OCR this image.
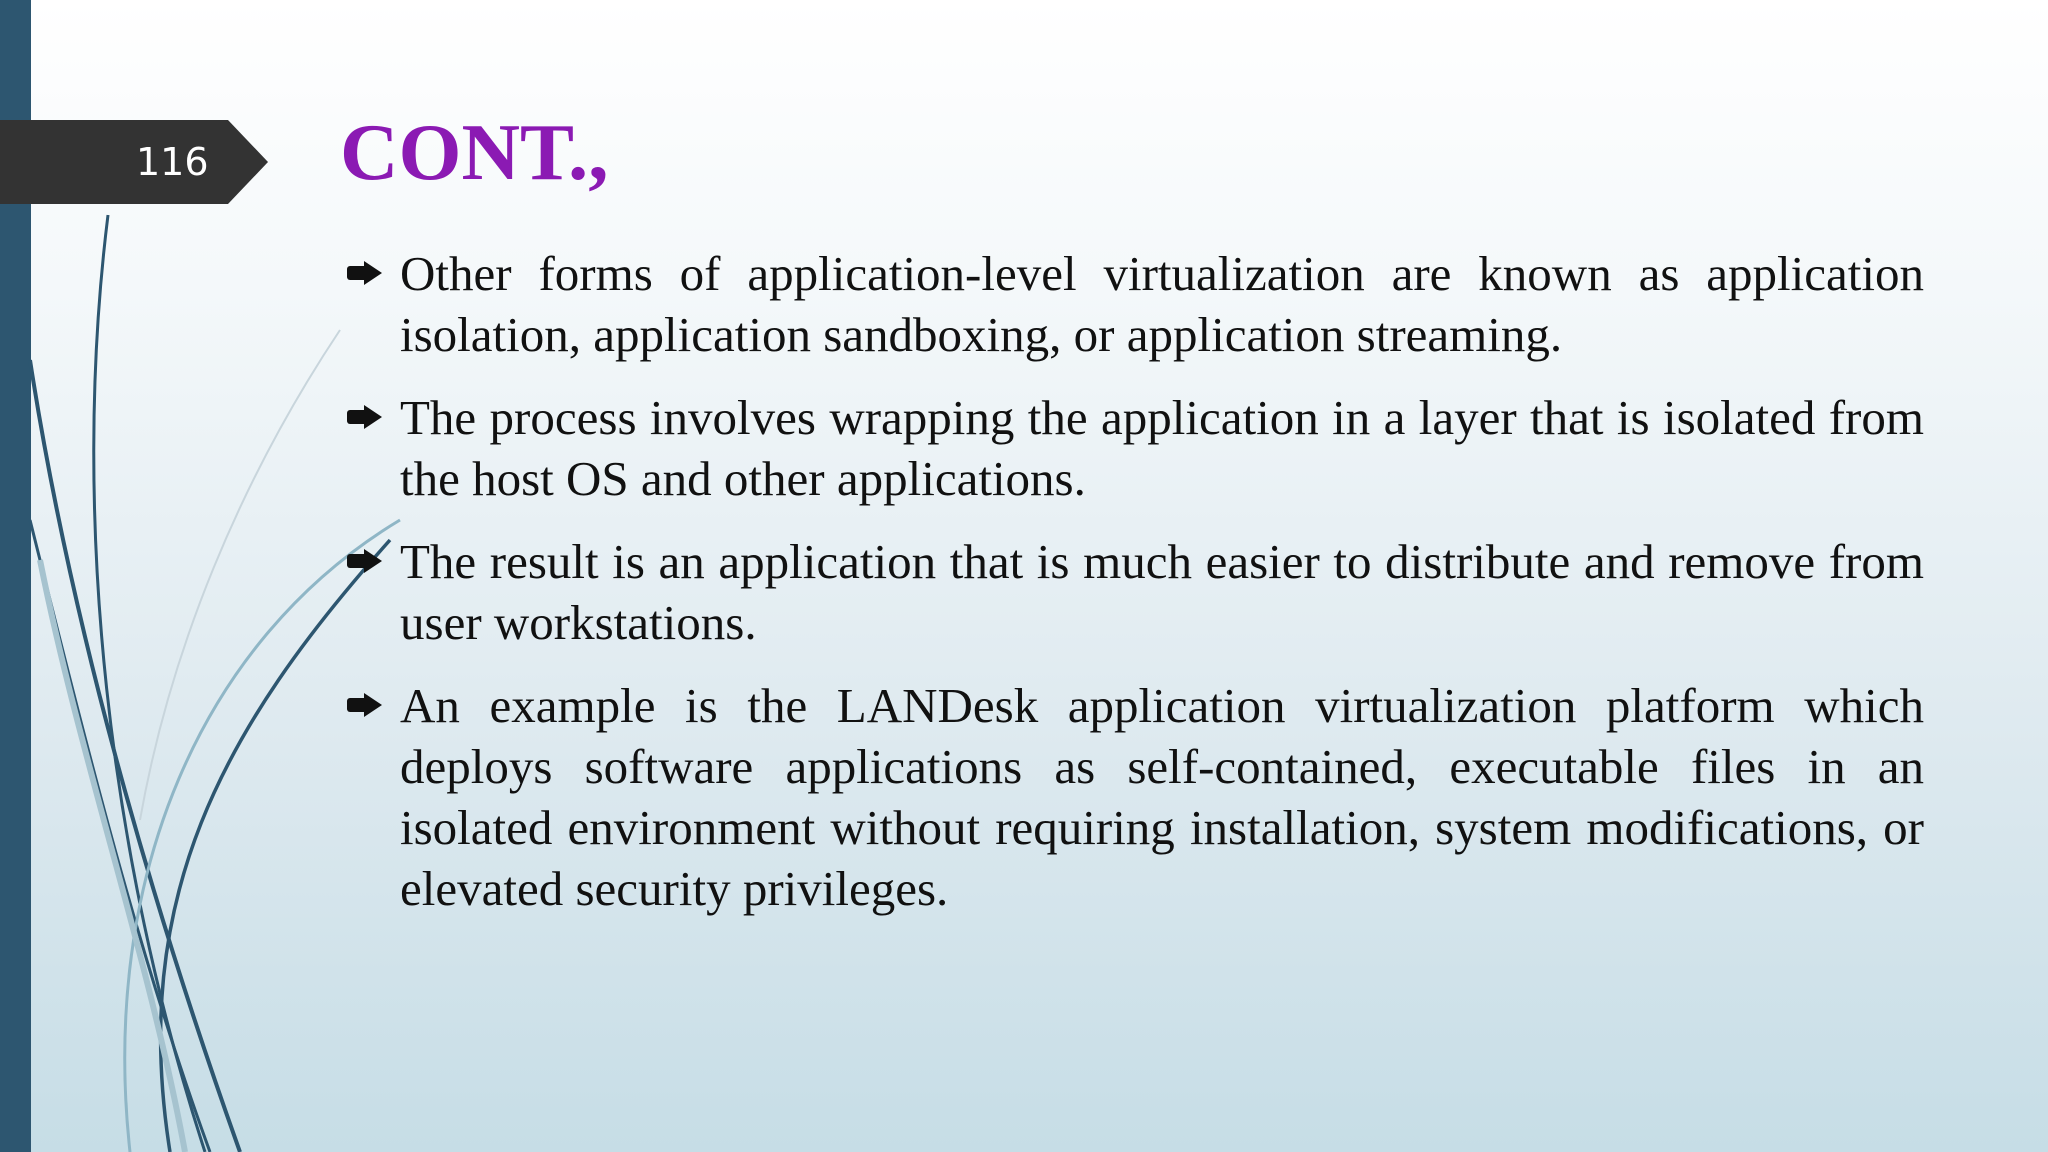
116	CONT.,
Other forms of application-level virtualization are known as application isolation, application sandboxing, or application streaming.
The process involves wrapping the application in a layer that is isolated from the host OS and other applications.
The result is an application that is much easier to distribute and remove from user workstations.
An example is the LANDesk application virtualization platform which deploys software applications as self-contained, executable files in an isolated environment without requiring installation, system modifications, or elevated security privileges.
